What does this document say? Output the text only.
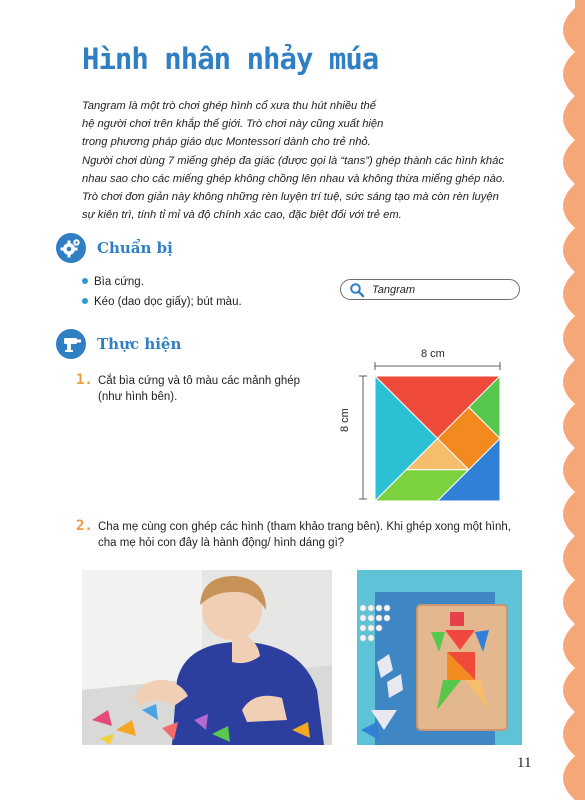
Hình nhân nhảy múa

Tangram là một trò chơi ghép hình cổ xưa thu hút nhiều thế

hệ người chơi trên khắp thế giới. Trò chơi này cũng xuất hiện

trong phương pháp giáo dục Montessori dành cho trẻ nhỏ.

Người chơi dùng 7 miếng ghép đa giác (được gọi là “tans”) ghép thành các hình khác

nhau sao cho các miếng ghép không chồng lên nhau và không thừa miếng ghép nào.

Trò chơi đơn giản này không những rèn luyện trí tuệ, sức sáng tạo mà còn rèn luyện

sự kiên trì, tính tỉ mỉ và độ chính xác cao, đặc biệt đối với trẻ em.

Chuẩn bị
Bìa cứng.
Kéo (dao dọc giấy); bút màu.
Tangram
Thực hiện
1. Cắt bìa cứng và tô màu các mảnh ghép
(như hình bên).
8 cm
8 cm
2. Cha mẹ cùng con ghép các hình (tham khảo trang bên). Khi ghép xong một hình,
cha mẹ hỏi con đây là hành động/ hình dáng gì?
11
